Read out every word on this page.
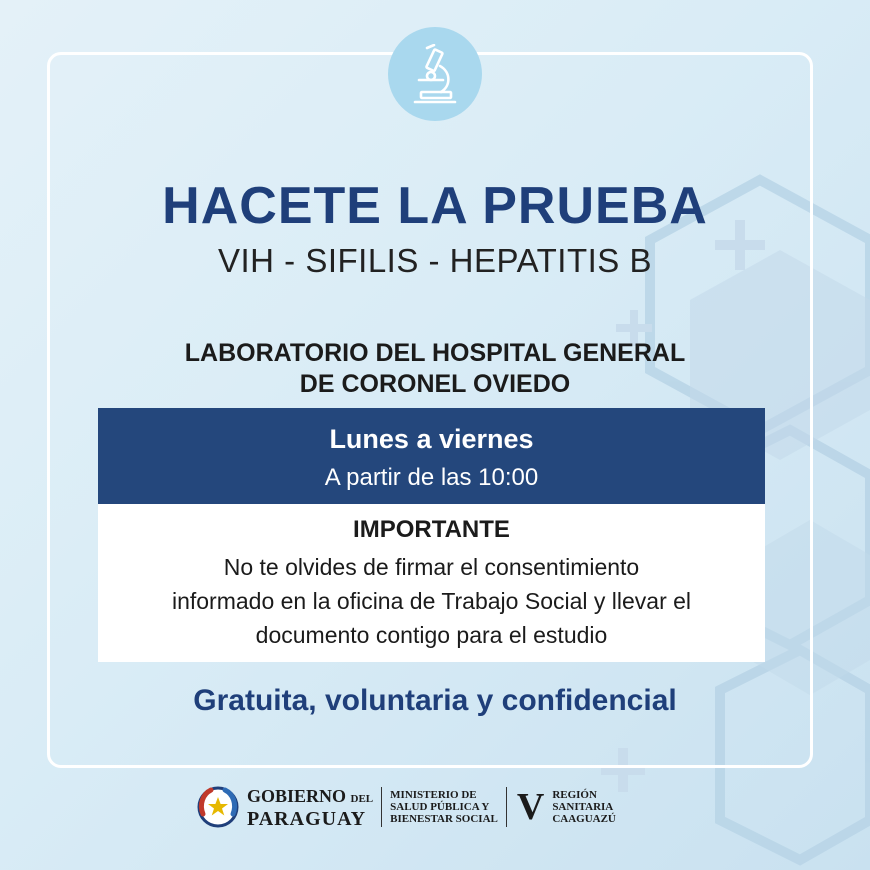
HACETE LA PRUEBA
VIH - SIFILIS - HEPATITIS B
LABORATORIO DEL HOSPITAL GENERAL
DE CORONEL OVIEDO
Lunes a viernes
A partir de las 10:00
IMPORTANTE
No te olvides de firmar el consentimiento
informado en la oficina de Trabajo Social y llevar el
documento contigo para el estudio
Gratuita, voluntaria y confidencial
GOBIERNO DEL
PARAGUAY
MINISTERIO DE
SALUD PÚBLICA Y
BIENESTAR SOCIAL V REGIÓN
SANITARIA
CAAGUAZÚ
